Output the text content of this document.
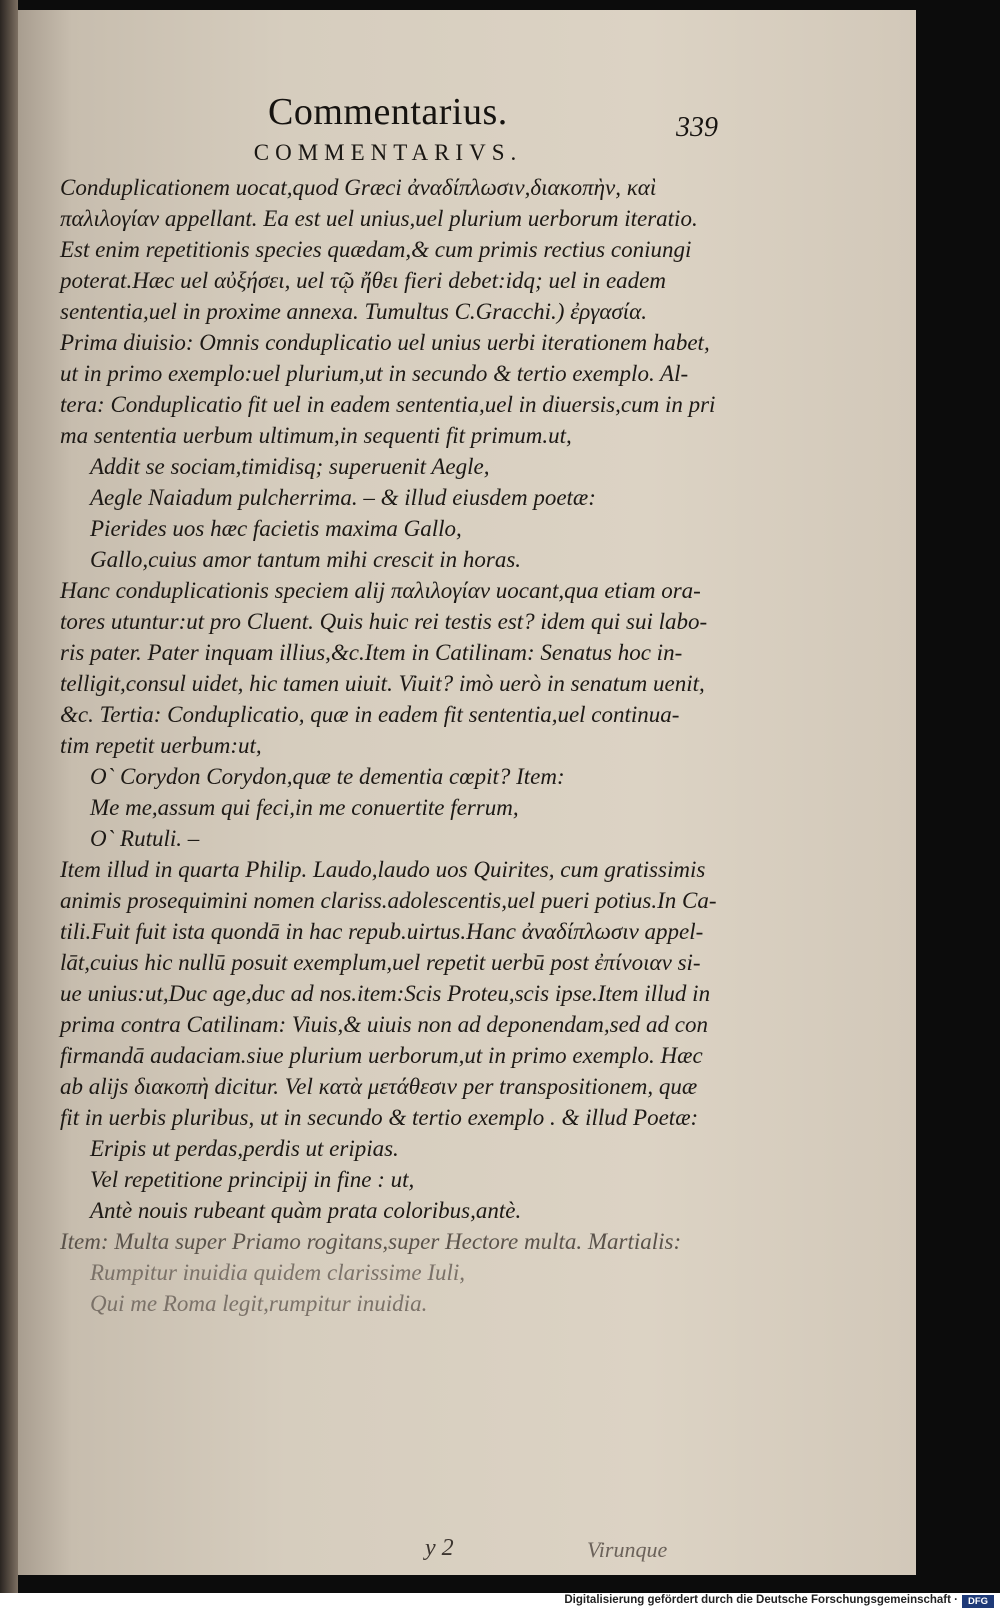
Commentarius.	339
COMMENTARIVS.
Conduplicationem uocat,quod Græci ἀναδίπλωσιν,διακοπὴν, καὶ
παλιλογίαν appellant. Ea est uel unius,uel plurium uerborum iteratio.
Est enim repetitionis species quædam,& cum primis rectius coniungi
poterat.Hæc uel αὐξήσει, uel τῷ ἤθει fieri debet:idq; uel in eadem
sententia,uel in proxime annexa. Tumultus C.Gracchi.) ἐργασία.
Prima diuisio: Omnis conduplicatio uel unius uerbi iterationem habet,
ut in primo exemplo:uel plurium,ut in secundo & tertio exemplo. Al-
tera: Conduplicatio fit uel in eadem sententia,uel in diuersis,cum in pri
ma sententia uerbum ultimum,in sequenti fit primum.ut,
Addit se sociam,timidisq; superuenit Aegle,
Aegle Naiadum pulcherrima. – & illud eiusdem poetæ:
Pierides uos hæc facietis maxima Gallo,
Gallo,cuius amor tantum mihi crescit in horas.
Hanc conduplicationis speciem alij παλιλογίαν uocant,qua etiam ora-
tores utuntur:ut pro Cluent. Quis huic rei testis est? idem qui sui labo-
ris pater. Pater inquam illius,&c.Item in Catilinam: Senatus hoc in-
telligit,consul uidet, hic tamen uiuit. Viuit? imò uerò in senatum uenit,
&c. Tertia: Conduplicatio, quæ in eadem fit sententia,uel continua-
tim repetit uerbum:ut,
O` Corydon Corydon,quæ te dementia cœpit? Item:
Me me,assum qui feci,in me conuertite ferrum,
O` Rutuli. –
Item illud in quarta Philip. Laudo,laudo uos Quirites, cum gratissimis
animis prosequimini nomen clariss.adolescentis,uel pueri potius.In Ca-
tili.Fuit fuit ista quondā in hac repub.uirtus.Hanc ἀναδίπλωσιν appel-
lāt,cuius hic nullū posuit exemplum,uel repetit uerbū post ἐπίνοιαν si-
ue unius:ut,Duc age,duc ad nos.item:Scis Proteu,scis ipse.Item illud in
prima contra Catilinam: Viuis,& uiuis non ad deponendam,sed ad con
firmandā audaciam.siue plurium uerborum,ut in primo exemplo. Hæc
ab alijs διακοπὴ dicitur. Vel κατὰ μετάθεσιν per transpositionem, quæ
fit in uerbis pluribus, ut in secundo & tertio exemplo . & illud Poetæ:
Eripis ut perdas,perdis ut eripias.
Vel repetitione principij in fine : ut,
Antè nouis rubeant quàm prata coloribus,antè.
Item: Multa super Priamo rogitans,super Hectore multa. Martialis:
Rumpitur inuidia quidem clarissime Iuli,
Qui me Roma legit,rumpitur inuidia.
y 2	Virunque
Digitalisierung gefördert durch die Deutsche Forschungsgemeinschaft ·	DFG
